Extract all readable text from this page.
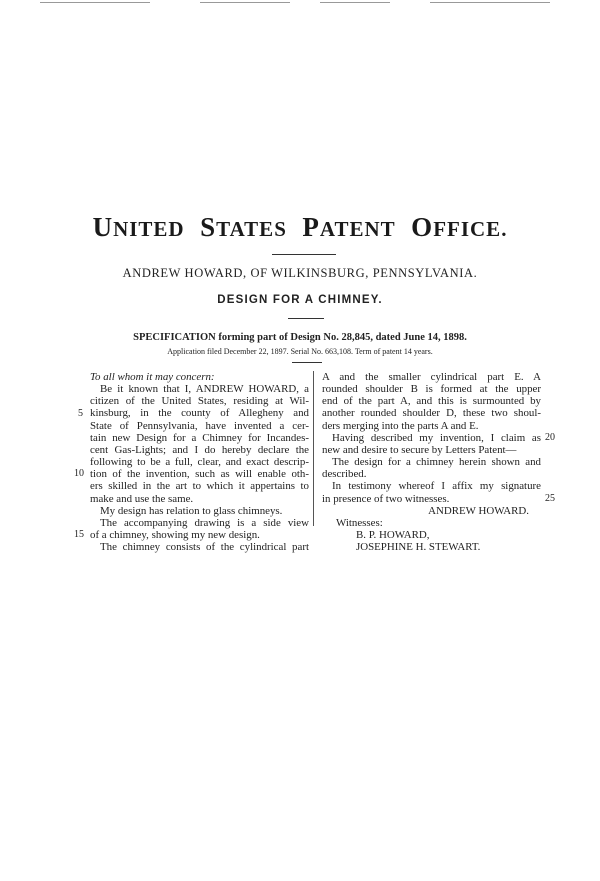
UNITED STATES PATENT OFFICE.
ANDREW HOWARD, OF WILKINSBURG, PENNSYLVANIA.
DESIGN FOR A CHIMNEY.
SPECIFICATION forming part of Design No. 28,845, dated June 14, 1898.
Application filed December 22, 1897. Serial No. 663,108. Term of patent 14 years.

To all whom it may concern:

Be it known that I, ANDREW HOWARD, a

citizen of the United States, residing at Wil-

kinsburg, in the county of Allegheny and

State of Pennsylvania, have invented a cer-

tain new Design for a Chimney for Incandes-

cent Gas-Lights; and I do hereby declare the

following to be a full, clear, and exact descrip-

tion of the invention, such as will enable oth-

ers skilled in the art to which it appertains to

make and use the same.

My design has relation to glass chimneys.

The accompanying drawing is a side view

of a chimney, showing my new design.

The chimney consists of the cylindrical part

A and the smaller cylindrical part E. A

rounded shoulder B is formed at the upper

end of the part A, and this is surmounted by

another rounded shoulder D, these two shoul-

ders merging into the parts A and E.

Having described my invention, I claim as

new and desire to secure by Letters Patent—

The design for a chimney herein shown and

described.

In testimony whereof I affix my signature

in presence of two witnesses.

ANDREW HOWARD.

Witnesses:

B. P. HOWARD,

JOSEPHINE H. STEWART.

5
10
15
20
25
